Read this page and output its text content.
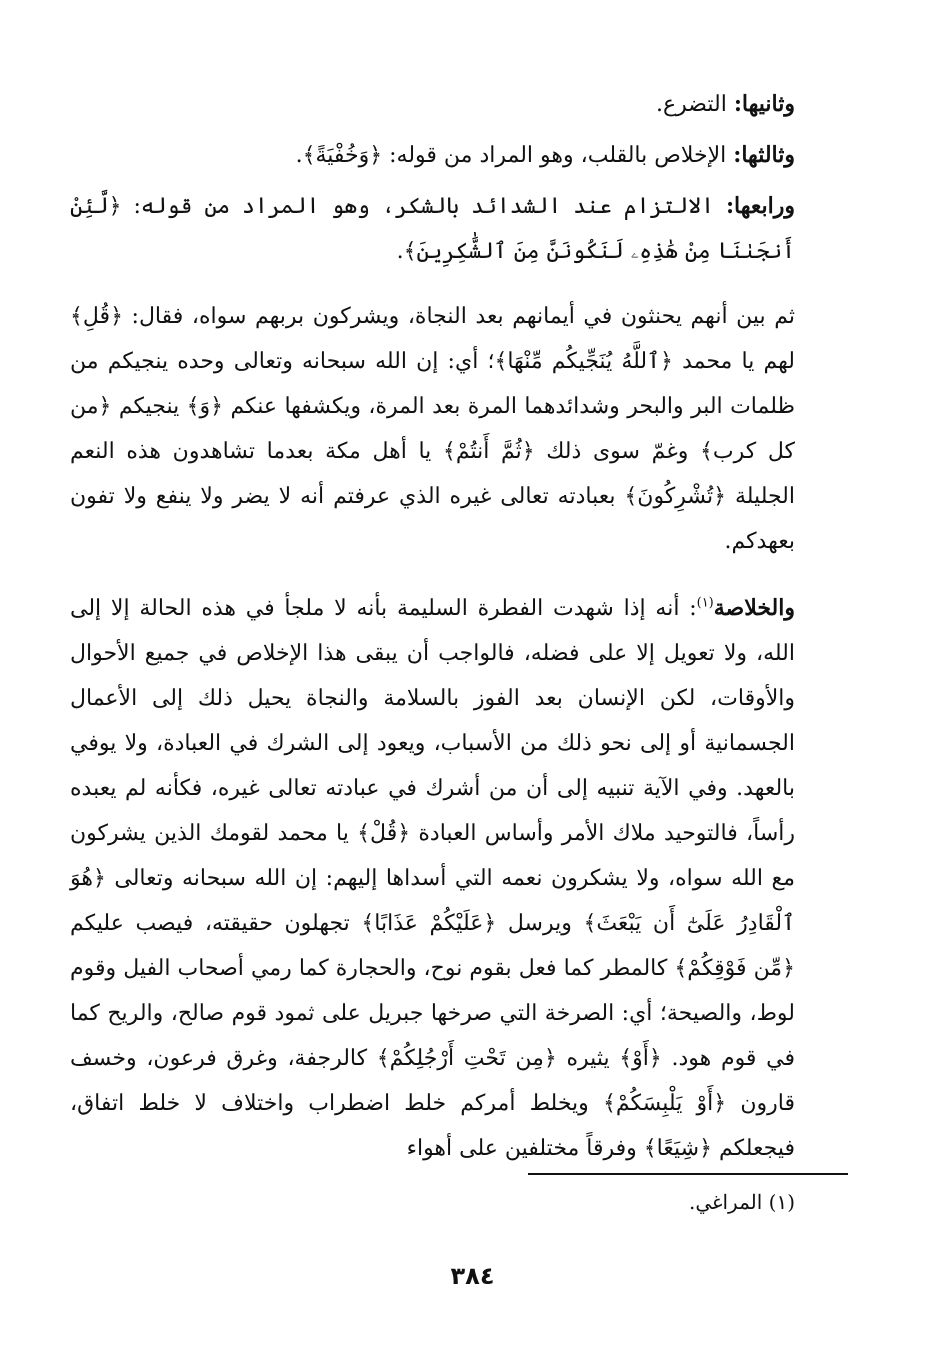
وثانيها: التضرع.

وثالثها: الإخلاص بالقلب، وهو المراد من قوله: ﴿وَخُفْيَةً﴾.

ورابعها: الالتزام عند الشدائد بالشكر، وهو المراد من قوله: ﴿لَّئِنْ أَنجَىٰنَا مِنْ هَٰذِهِۦ لَنَكُونَنَّ مِنَ ٱلشَّٰكِرِينَ﴾.

ثم بين أنهم يحنثون في أيمانهم بعد النجاة، ويشركون بربهم سواه، فقال: ﴿قُلِ﴾ لهم يا محمد ﴿ٱللَّهُ يُنَجِّيكُم مِّنْهَا﴾؛ أي: إن الله سبحانه وتعالى وحده ينجيكم من ظلمات البر والبحر وشدائدهما المرة بعد المرة، ويكشفها عنكم ﴿وَ﴾ ينجيكم ﴿من كل كرب﴾ وغمّ سوى ذلك ﴿ثُمَّ أَنتُمْ﴾ يا أهل مكة بعدما تشاهدون هذه النعم الجليلة ﴿تُشْرِكُونَ﴾ بعبادته تعالى غيره الذي عرفتم أنه لا يضر ولا ينفع ولا تفون بعهدكم.

والخلاصة$^{(١)}$: أنه إذا شهدت الفطرة السليمة بأنه لا ملجأ في هذه الحالة إلا إلى الله، ولا تعويل إلا على فضله، فالواجب أن يبقى هذا الإخلاص في جميع الأحوال والأوقات، لكن الإنسان بعد الفوز بالسلامة والنجاة يحيل ذلك إلى الأعمال الجسمانية أو إلى نحو ذلك من الأسباب، ويعود إلى الشرك في العبادة، ولا يوفي بالعهد. وفي الآية تنبيه إلى أن من أشرك في عبادته تعالى غيره، فكأنه لم يعبده رأساً، فالتوحيد ملاك الأمر وأساس العبادة ﴿قُلْ﴾ يا محمد لقومك الذين يشركون مع الله سواه، ولا يشكرون نعمه التي أسداها إليهم: إن الله سبحانه وتعالى ﴿هُوَ ٱلْقَادِرُ عَلَىٰٓ أَن يَبْعَثَ﴾ ويرسل ﴿عَلَيْكُمْ عَذَابًا﴾ تجهلون حقيقته، فيصب عليكم ﴿مِّن فَوْقِكُمْ﴾ كالمطر كما فعل بقوم نوح، والحجارة كما رمي أصحاب الفيل وقوم لوط، والصيحة؛ أي: الصرخة التي صرخها جبريل على ثمود قوم صالح، والريح كما في قوم هود. ﴿أَوْ﴾ يثيره ﴿مِن تَحْتِ أَرْجُلِكُمْ﴾ كالرجفة، وغرق فرعون، وخسف قارون ﴿أَوْ يَلْبِسَكُمْ﴾ ويخلط أمركم خلط اضطراب واختلاف لا خلط اتفاق، فيجعلكم ﴿شِيَعًا﴾ وفرقاً مختلفين على أهواء

(١) المراغي.
٣٨٤
